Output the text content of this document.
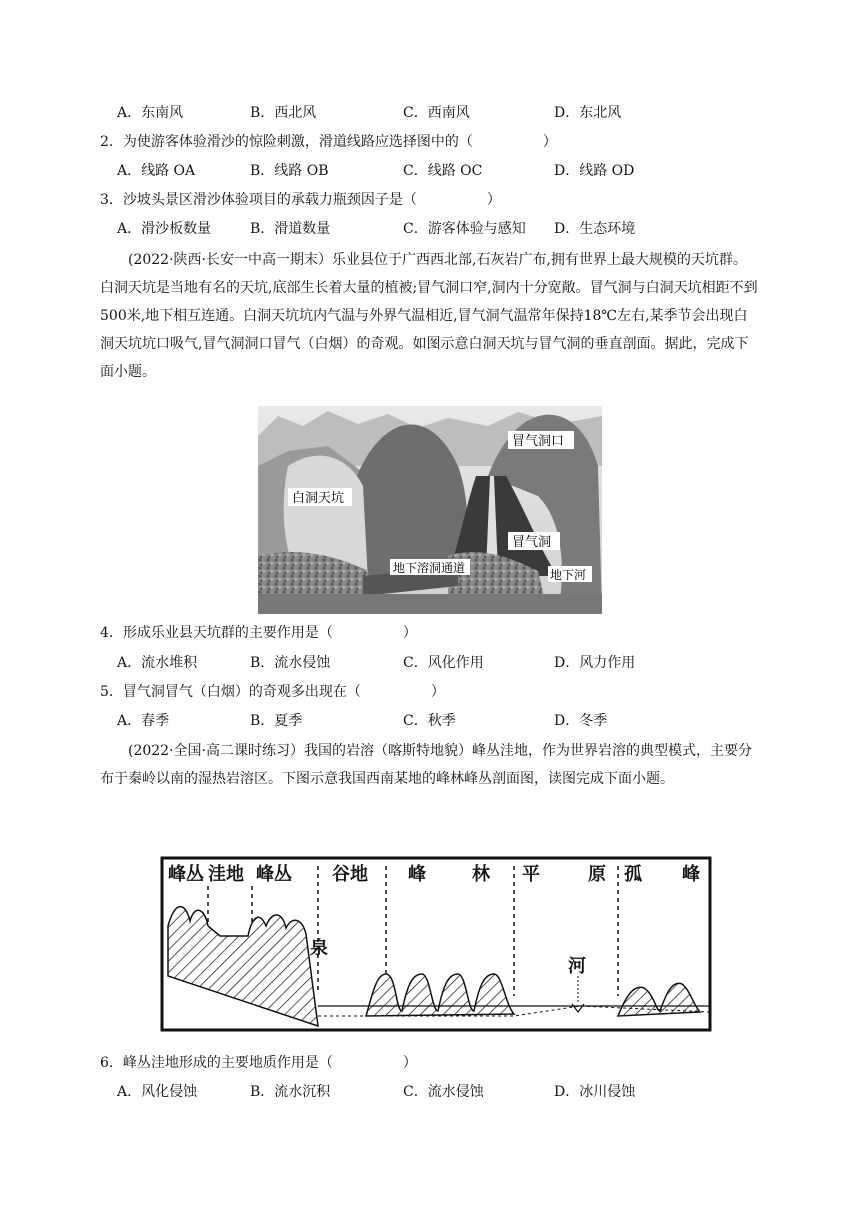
A．东南风	B．西北风	C．西南风	D．东北风
2．为使游客体验滑沙的惊险刺激，滑道线路应选择图中的（　　　　　）
A．线路 OA	B．线路 OB	C．线路 OC	D．线路 OD
3．沙坡头景区滑沙体验项目的承载力瓶颈因子是（　　　　　）
A．滑沙板数量	B．滑道数量	C．游客体验与感知 D．生态环境
(2022·陕西·长安一中高一期末）乐业县位于广西西北部,石灰岩广布,拥有世界上最大规模的天坑群。白洞天坑是当地有名的天坑,底部生长着大量的植被;冒气洞口窄,洞内十分宽敞。冒气洞与白洞天坑相距不到500米,地下相互连通。白洞天坑坑内气温与外界气温相近,冒气洞气温常年保持18℃左右,某季节会出现白洞天坑坑口吸气,冒气洞洞口冒气（白烟）的奇观。如图示意白洞天坑与冒气洞的垂直剖面。据此，完成下面小题。
白洞天坑
冒气洞口
冒气洞
地下溶洞通道	地下河
4．形成乐业县天坑群的主要作用是（　　　　　）
A．流水堆积	B．流水侵蚀	C．风化作用	D．风力作用
5．冒气洞冒气（白烟）的奇观多出现在（　　　　　）
A．春季	B．夏季	C．秋季	D．冬季
(2022·全国·高二课时练习）我国的岩溶（喀斯特地貌）峰丛洼地，作为世界岩溶的典型模式，主要分布于秦岭以南的湿热岩溶区。下图示意我国西南某地的峰林峰丛剖面图，读图完成下面小题。
峰丛 洼地 峰丛 谷地 峰	林 平	原 孤 峰
泉
河
6．峰丛洼地形成的主要地质作用是（　　　　　）
A．风化侵蚀	B．流水沉积	C．流水侵蚀	D．冰川侵蚀
